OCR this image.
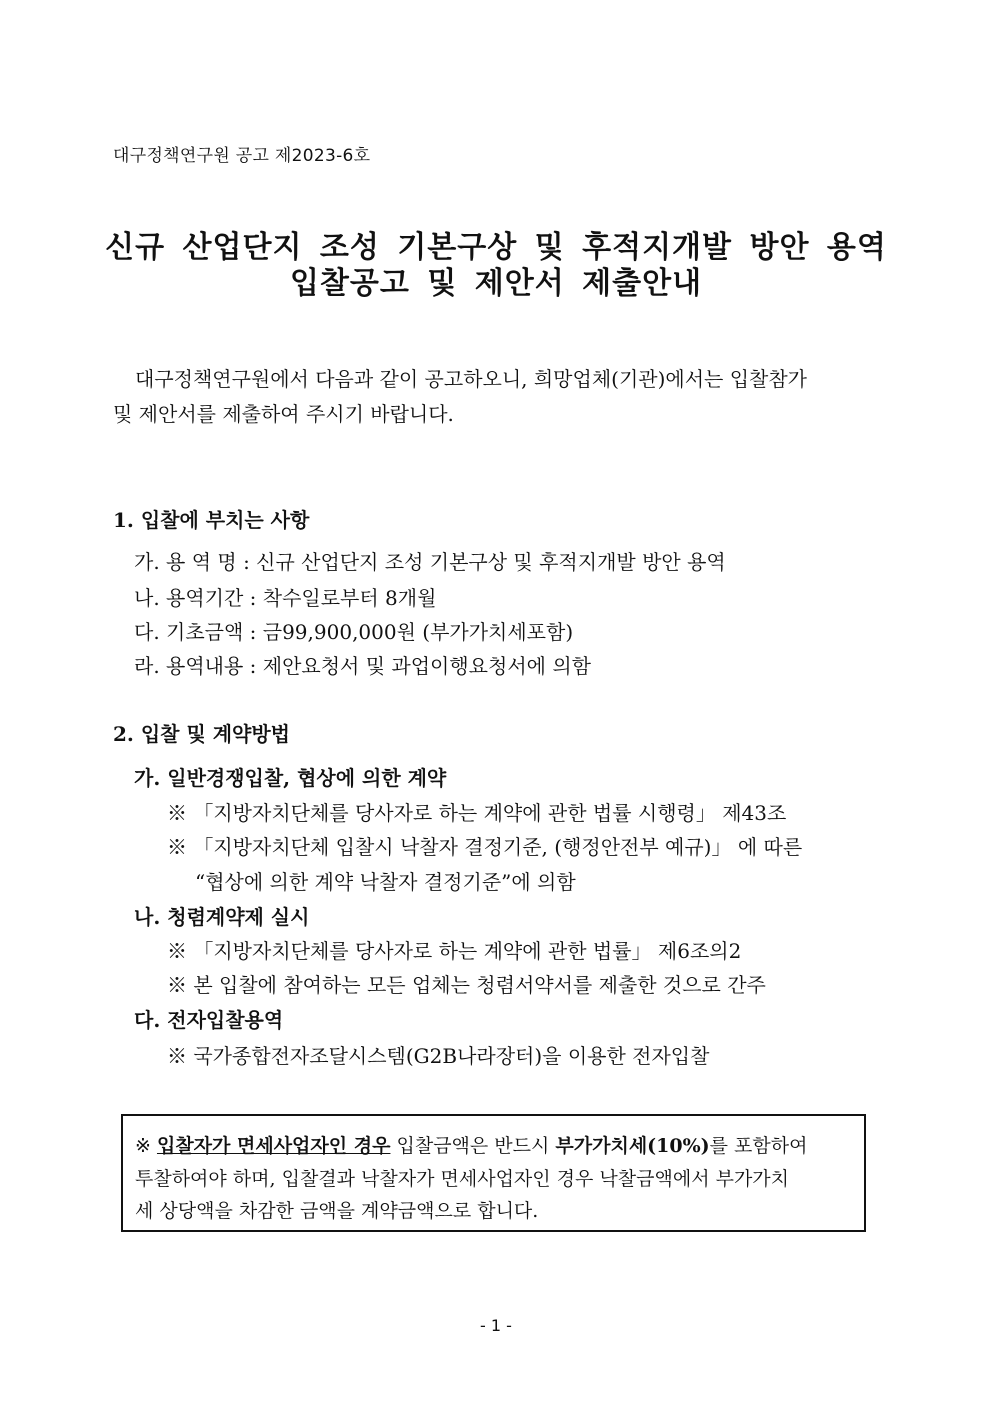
대구정책연구원 공고 제2023-6호
신규 산업단지 조성 기본구상 및 후적지개발 방안 용역
입찰공고 및 제안서 제출안내
대구정책연구원에서 다음과 같이 공고하오니, 희망업체(기관)에서는 입찰참가
및 제안서를 제출하여 주시기 바랍니다.
1. 입찰에 부치는 사항
가. 용 역 명 : 신규 산업단지 조성 기본구상 및 후적지개발 방안 용역
나. 용역기간 : 착수일로부터 8개월
다. 기초금액 : 금99,900,000원 (부가가치세포함)
라. 용역내용 : 제안요청서 및 과업이행요청서에 의함
2. 입찰 및 계약방법
가. 일반경쟁입찰, 협상에 의한 계약
※ 「지방자치단체를 당사자로 하는 계약에 관한 법률 시행령」 제43조
※ 「지방자치단체 입찰시 낙찰자 결정기준, (행정안전부 예규)」 에 따른
“협상에 의한 계약 낙찰자 결정기준”에 의함
나. 청렴계약제 실시
※ 「지방자치단체를 당사자로 하는 계약에 관한 법률」 제6조의2
※ 본 입찰에 참여하는 모든 업체는 청렴서약서를 제출한 것으로 간주
다. 전자입찰용역
※ 국가종합전자조달시스템(G2B나라장터)을 이용한 전자입찰
※ 입찰자가 면세사업자인 경우 입찰금액은 반드시 부가가치세(10%)를 포함하여
투찰하여야 하며, 입찰결과 낙찰자가 면세사업자인 경우 낙찰금액에서 부가가치
세 상당액을 차감한 금액을 계약금액으로 합니다.
- 1 -
